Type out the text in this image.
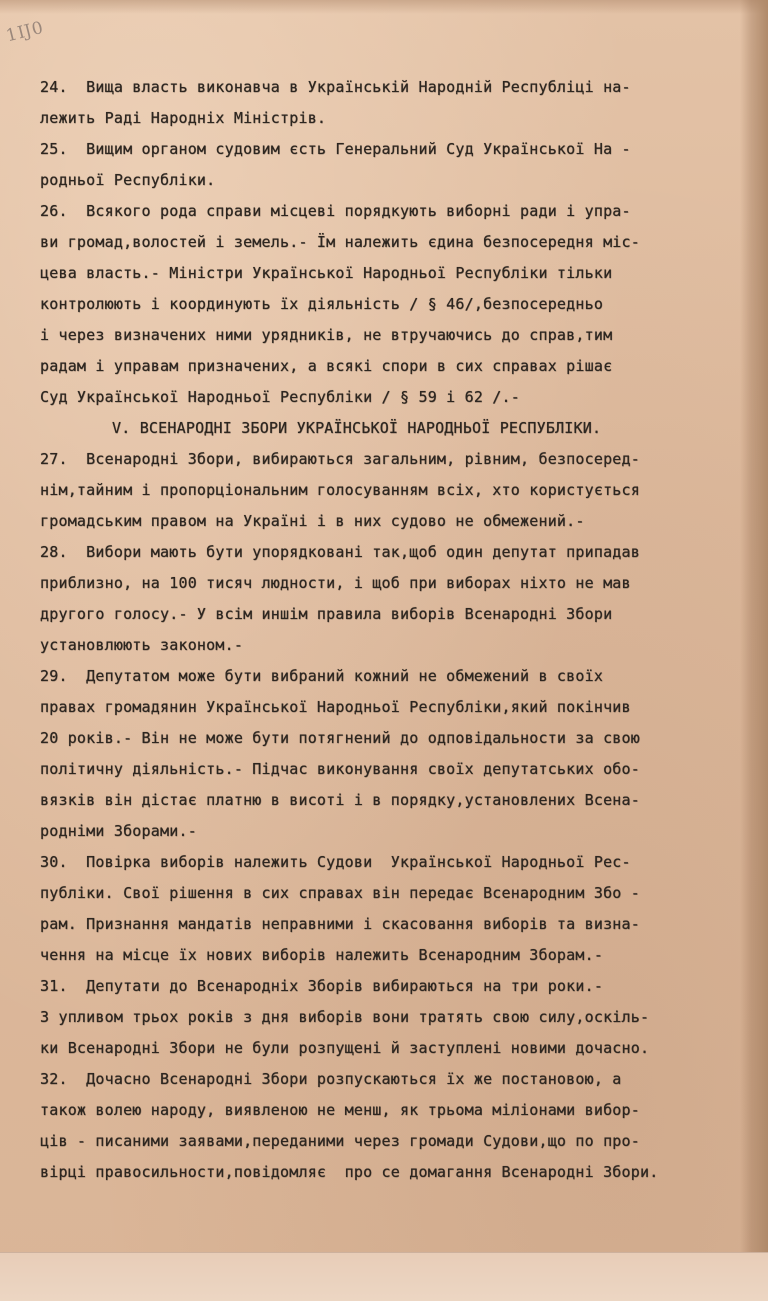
1Ĳ0
24.  Вища власть виконавча в Українській Народній Республіці на-
лежить Раді Народніх Міністрів.
25.  Вищим органом судовим єсть Генеральний Суд Української На -
родньої Республіки.
26.  Всякого рода справи місцеві порядкують виборні ради і упра-
ви громад,волостей і земель.- Їм належить єдина безпосередня міс-
цева власть.- Міністри Української Народньої Республіки тільки
контролюють і координують їх діяльність / § 46/,безпосередньо
і через визначених ними урядників, не втручаючись до справ,тим
радам і управам призначених, а всякі спори в сих справах рішає
Суд Української Народньої Республіки / § 59 і 62 /.-
V. ВСЕНАРОДНІ ЗБОРИ УКРАЇНСЬКОЇ НАРОДНЬОЇ РЕСПУБЛІКИ.
27.  Всенародні Збори, вибираються загальним, рівним, безпосеред-
нім,тайним і пропорціональним голосуванням всіх, хто користується
громадським правом на Україні і в них судово не обмежений.-
28.  Вибори мають бути упорядковані так,щоб один депутат припадав
приблизно, на 100 тисяч людности, і щоб при виборах ніхто не мав
другого голосу.- У всім иншім правила виборів Всенародні Збори
установлюють законом.-
29.  Депутатом може бути вибраний кожний не обмежений в своїх
правах громадянин Української Народньої Республіки,який покінчив
20 років.- Він не може бути потягнений до одповідальности за свою
політичну діяльність.- Підчас виконування своїх депутатських обо-
вязків він дістає платню в висоті і в порядку,установлених Всена-
родніми Зборами.-
30.  Повірка виборів належить Судови  Української Народньої Рес-
публіки. Свої рішення в сих справах він передає Всенародним Збо -
рам. Признання мандатів неправними і скасовання виборів та визна-
чення на місце їх нових виборів належить Всенародним Зборам.-
31.  Депутати до Всенародніх Зборів вибираються на три роки.-
З упливом трьох років з дня виборів вони тратять свою силу,оскіль-
ки Всенародні Збори не були розпущені й заступлені новими дочасно.
32.  Дочасно Всенародні Збори розпускаються їх же постановою, а
також волею народу, виявленою не менш, як трьома міліонами вибор-
ців - писаними заявами,переданими через громади Судови,що по про-
вірці правосильности,повідомляє  про се домагання Всенародні Збори.
